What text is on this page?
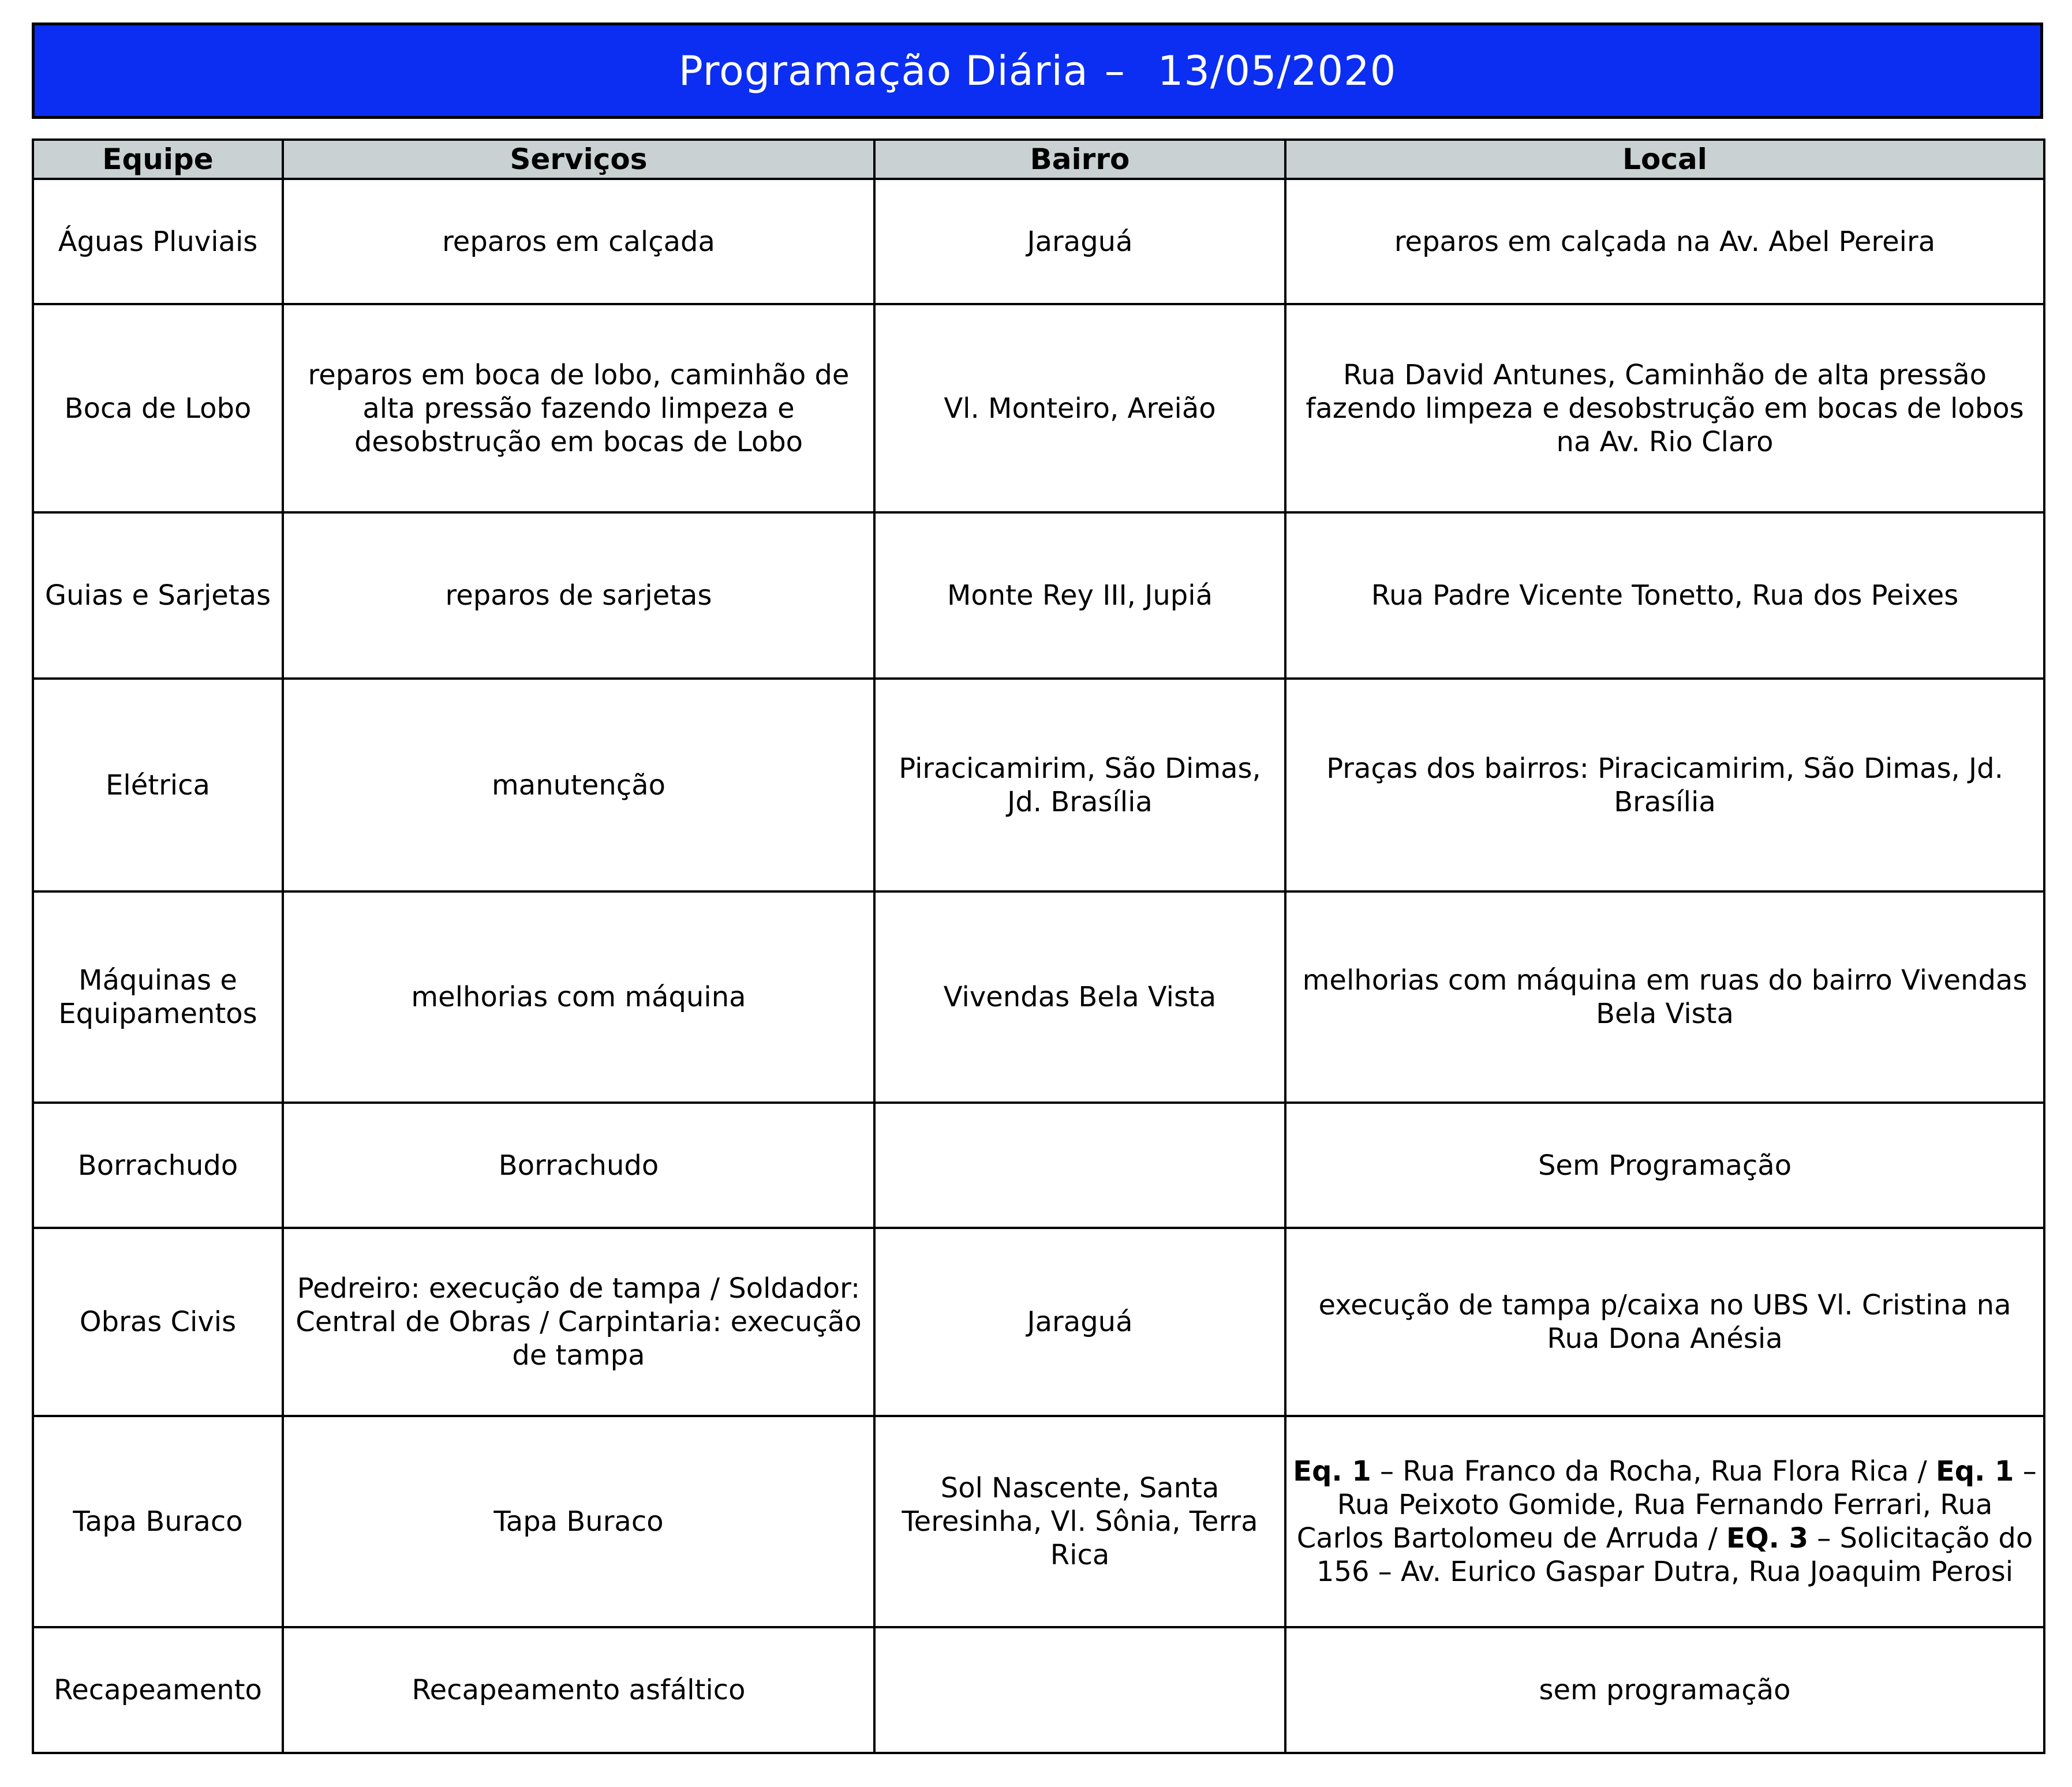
Programação Diária – 13/05/2020
Equipe	Serviços	Bairro	Local
Águas Pluviais	reparos em calçada	Jaraguá	reparos em calçada na Av. Abel Pereira
Boca de Lobo	reparos em boca de lobo, caminhão de alta pressão fazendo limpeza e desobstrução em bocas de Lobo	Vl. Monteiro, Areião	Rua David Antunes, Caminhão de alta pressão fazendo limpeza e desobstrução em bocas de lobos na Av. Rio Claro
Guias e Sarjetas	reparos de sarjetas	Monte Rey III, Jupiá	Rua Padre Vicente Tonetto, Rua dos Peixes
Elétrica	manutenção	Piracicamirim, São Dimas, Jd. Brasília	Praças dos bairros: Piracicamirim, São Dimas, Jd. Brasília
Máquinas e Equipamentos	melhorias com máquina	Vivendas Bela Vista	melhorias com máquina em ruas do bairro Vivendas Bela Vista
Borrachudo	Borrachudo		Sem Programação
Obras Civis	Pedreiro: execução de tampa / Soldador: Central de Obras / Carpintaria: execução de tampa	Jaraguá	execução de tampa p/caixa no UBS Vl. Cristina na Rua Dona Anésia
Tapa Buraco	Tapa Buraco	Sol Nascente, Santa Teresinha, Vl. Sônia, Terra Rica	Eq. 1 – Rua Franco da Rocha, Rua Flora Rica / Eq. 1 – Rua Peixoto Gomide, Rua Fernando Ferrari, Rua Carlos Bartolomeu de Arruda / EQ. 3 – Solicitação do 156 – Av. Eurico Gaspar Dutra, Rua Joaquim Perosi
Recapeamento	Recapeamento asfáltico		sem programação
